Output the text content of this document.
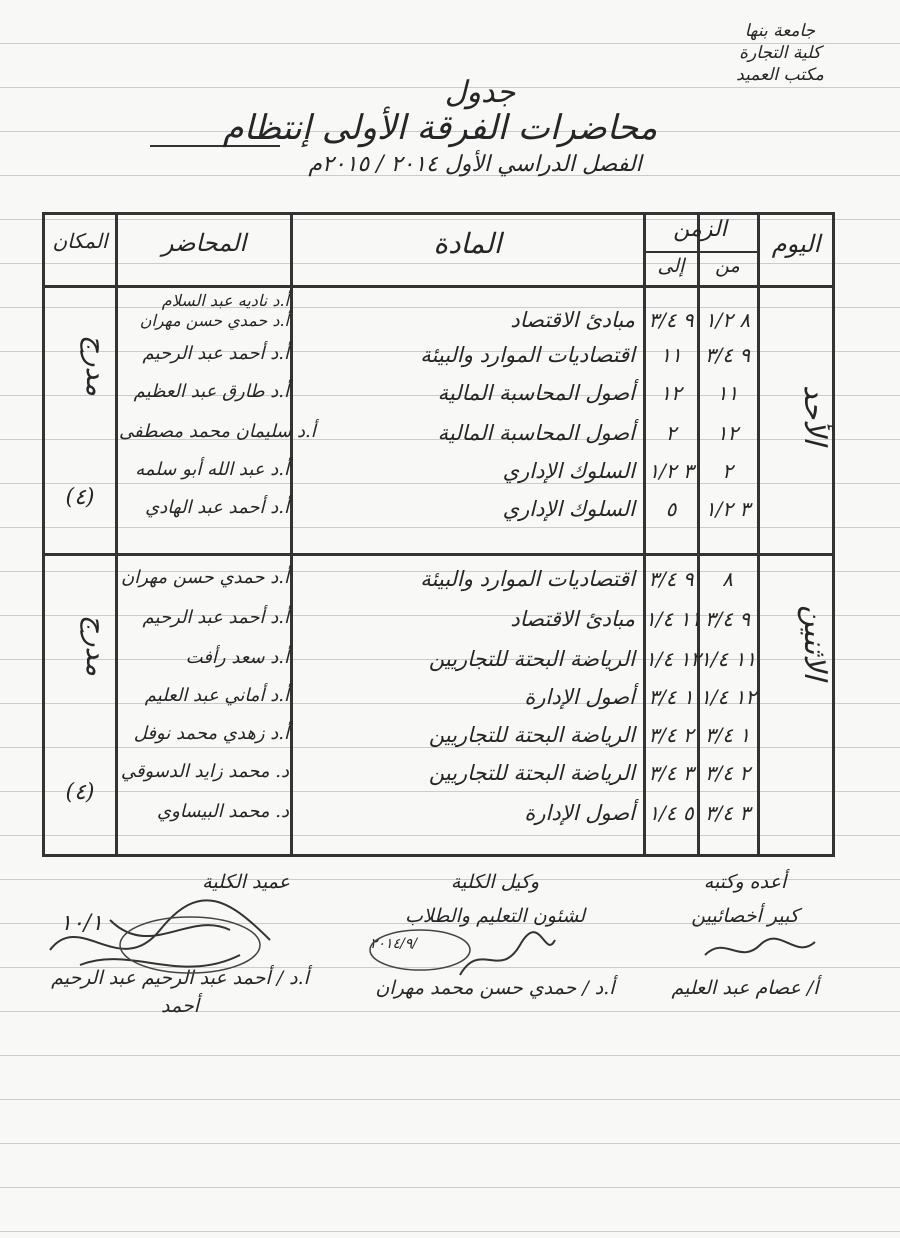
جامعة بنها
كلية التجارة
مكتب العميد
جدول
محاضرات الفرقة الأولى إنتظام
الفصل الدراسي الأول ٢٠١٤ / ٢٠١٥م
اليوم
الزمن
من
إلى
المادة
المحاضر
المكان
الأحد
مدرج
(٤)
٨ ١/٢
٩ ٣/٤
مبادئ الاقتصاد
أ.د ناديه عبد السلام
أ.د حمدي حسن مهران
٩ ٣/٤
١١
اقتصاديات الموارد والبيئة
أ.د أحمد عبد الرحيم
١١
١٢
أصول المحاسبة المالية
أ.د طارق عبد العظيم
١٢
٢
أصول المحاسبة المالية
أ.د سليمان محمد مصطفى
٢
٣ ١/٢
السلوك الإداري
أ.د عبد الله أبو سلمه
٣ ١/٢
٥
السلوك الإداري
أ.د أحمد عبد الهادي
الاثنين
مدرج
(٤)
٨
٩ ٣/٤
اقتصاديات الموارد والبيئة
أ.د حمدي حسن مهران
٩ ٣/٤
١١ ١/٤
مبادئ الاقتصاد
أ.د أحمد عبد الرحيم
١١ ١/٤
١٢ ١/٤
الرياضة البحتة للتجاريين
أ.د سعد رأفت
١٢ ١/٤
١ ٣/٤
أصول الإدارة
أ.د أماني عبد العليم
١ ٣/٤
٢ ٣/٤
الرياضة البحتة للتجاريين
أ.د زهدي محمد نوفل
٢ ٣/٤
٣ ٣/٤
الرياضة البحتة للتجاريين
د. محمد زايد الدسوقي
٣ ٣/٤
٥ ١/٤
أصول الإدارة
د. محمد البيساوي
أعده وكتبه
كبير أخصائيين
أ/ عصام عبد العليم
وكيل الكلية
لشئون التعليم والطلاب
٢٠١٤/٩/
أ.د / حمدي حسن محمد مهران
عميد الكلية
١٠/١
أ.د / أحمد عبد الرحيم عبد الرحيم أحمد
